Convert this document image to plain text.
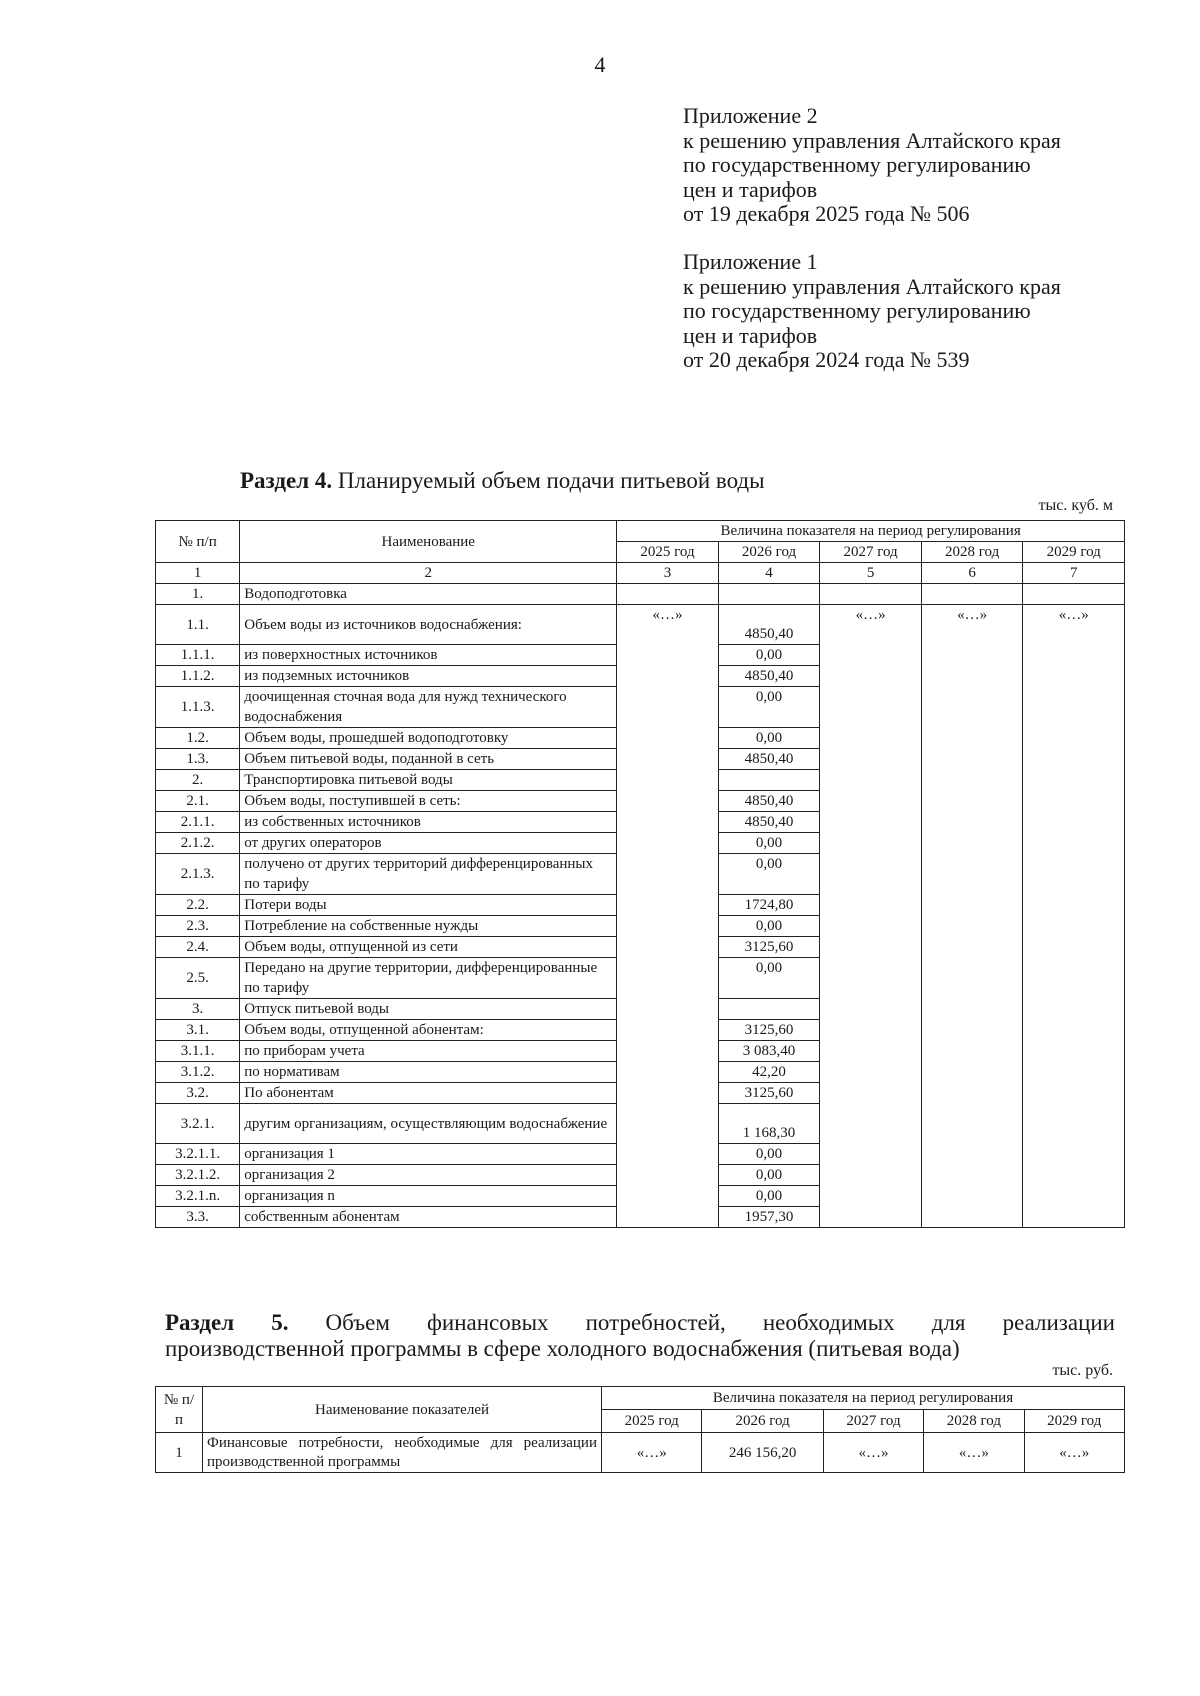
4
Приложение 2
к решению управления Алтайского края
по государственному регулированию
цен и тарифов
от 19 декабря 2025 года № 506
Приложение 1
к решению управления Алтайского края
по государственному регулированию
цен и тарифов
от 20 декабря 2024 года № 539
Раздел 4. Планируемый объем подачи питьевой воды
тыс. куб. м
№ п/п	Наименование	Величина показателя на период регулирования				
		2025 год	2026 год	2027 год	2028 год	2029 год
1	2	3	4	5	6	7
1.	Водоподготовка					
1.1.	Объем воды из источников водоснабжения:	«…»	4850,40	«…»	«…»	«…»
1.1.1.	из поверхностных источников		0,00			
1.1.2.	из подземных источников		4850,40			
1.1.3.	доочищенная сточная вода для нужд технического водоснабжения		0,00			
1.2.	Объем воды, прошедшей водоподготовку		0,00			
1.3.	Объем питьевой воды, поданной в сеть		4850,40			
2.	Транспортировка питьевой воды					
2.1.	Объем воды, поступившей в сеть:		4850,40			
2.1.1.	из собственных источников		4850,40			
2.1.2.	от других операторов		0,00			
2.1.3.	получено от других территорий дифференцированных по тарифу		0,00			
2.2.	Потери воды		1724,80			
2.3.	Потребление на собственные нужды		0,00			
2.4.	Объем воды, отпущенной из сети		3125,60			
2.5.	Передано на другие территории, дифференцированные по тарифу		0,00			
3.	Отпуск питьевой воды					
3.1.	Объем воды, отпущенной абонентам:		3125,60			
3.1.1.	по приборам учета		3 083,40			
3.1.2.	по нормативам		42,20			
3.2.	По абонентам		3125,60			
3.2.1.	другим организациям, осуществляющим водоснабжение		1 168,30			
3.2.1.1.	организация 1		0,00			
3.2.1.2.	организация 2		0,00			
3.2.1.n.	организация n		0,00			
3.3.	собственным абонентам		1957,30			
Раздел 5. Объем финансовых потребностей, необходимых для реализации
производственной программы в сфере холодного водоснабжения (питьевая вода)
тыс. руб.
№ п/п	Наименование показателей	Величина показателя на период регулирования				
		2025 год	2026 год	2027 год	2028 год	2029 год
1	Финансовые потребности, необходимые для реализации производственной программы	«…»	246 156,20	«…»	«…»	«…»
